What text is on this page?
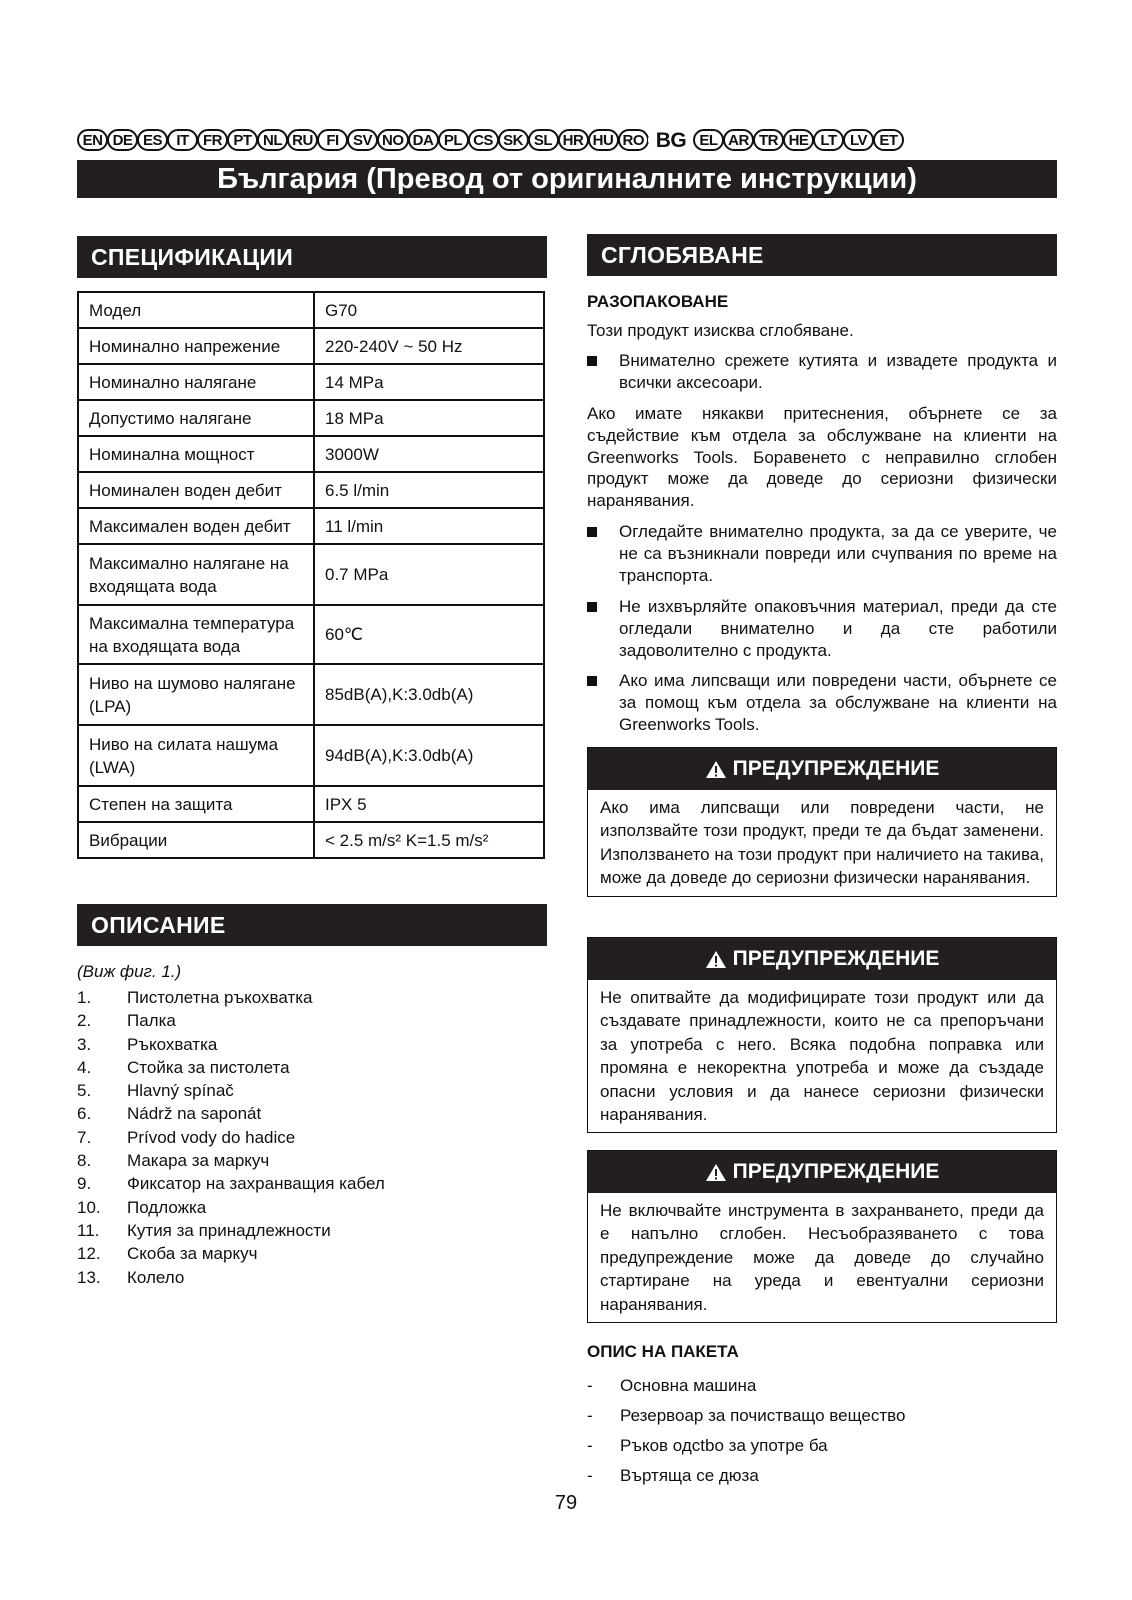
EN DE ES IT FR PT NL RU FI SV NO DA PL CS SK SL HR HU RO BG EL AR TR HE LT LV ET
България (Превод от оригиналните инструкции)
СПЕЦИФИКАЦИИ
Модел	G70
Номинално напрежение	220-240V ~ 50 Hz
Номинално налягане	14 MPa
Допустимо налягане	18 MPa
Номинална мощност	3000W
Номинален воден дебит	6.5 l/min
Максимален воден дебит	11 l/min
Максимално налягане на входящата вода	0.7 MPa
Максимална температура на входящата вода	60℃
Ниво на шумово налягане (LPA)	85dB(A),K:3.0db(A)
Ниво на силата нашума (LWA)	94dB(A),K:3.0db(A)
Степен на защита	IPX 5
Вибрации	< 2.5 m/s² K=1.5 m/s²
ОПИСАНИЕ
(Виж фиг. 1.)
1.	Пистолетна ръкохватка
2.	Палка
3.	Ръкохватка
4.	Стойка за пистолета
5.	Hlavný spínač
6.	Nádrž na saponát
7.	Prívod vody do hadice
8.	Макара за маркуч
9.	Фиксатор на захранващия кабел
10.	Подложка
11.	Кутия за принадлежности
12.	Скоба за маркуч
13.	Колело
СГЛОБЯВАНЕ
РАЗОПАКОВАНЕ
Този продукт изисква сглобяване.
Внимателно срежете кутията и извадете продукта и всички аксесоари.
Ако имате някакви притеснения, обърнете се за съдействие към отдела за обслужване на клиенти на Greenworks Tools. Боравенето с неправилно сглобен продукт може да доведе до сериозни физически наранявания.
Огледайте внимателно продукта, за да се уверите, че не са възникнали повреди или счупвания по време на транспорта.
Не изхвърляйте опаковъчния материал, преди да сте огледали внимателно и да сте работили задоволително с продукта.
Ако има липсващи или повредени части, обърнете се за помощ към отдела за обслужване на клиенти на Greenworks Tools.
ПРЕДУПРЕЖДЕНИЕ
Ако има липсващи или повредени части, не използвайте този продукт, преди те да бъдат заменени. Използването на този продукт при наличието на такива, може да доведе до сериозни физически наранявания.
ПРЕДУПРЕЖДЕНИЕ
Не опитвайте да модифицирате този продукт или да създавате принадлежности, които не са препоръчани за употреба с него. Всяка подобна поправка или промяна е некоректна употреба и може да създаде опасни условия и да нанесе сериозни физически наранявания.
ПРЕДУПРЕЖДЕНИЕ
Не включвайте инструмента в захранването, преди да е напълно сглобен. Несъобразяването с това предупреждение може да доведе до случайно стартиране на уреда и евентуални сериозни наранявания.
ОПИС НА ПАКЕТА
-	Основна машина
-	Резервоар за почистващо вещество
-	Ръков одctbo за употре ба
-	Въртяща се дюза
79
